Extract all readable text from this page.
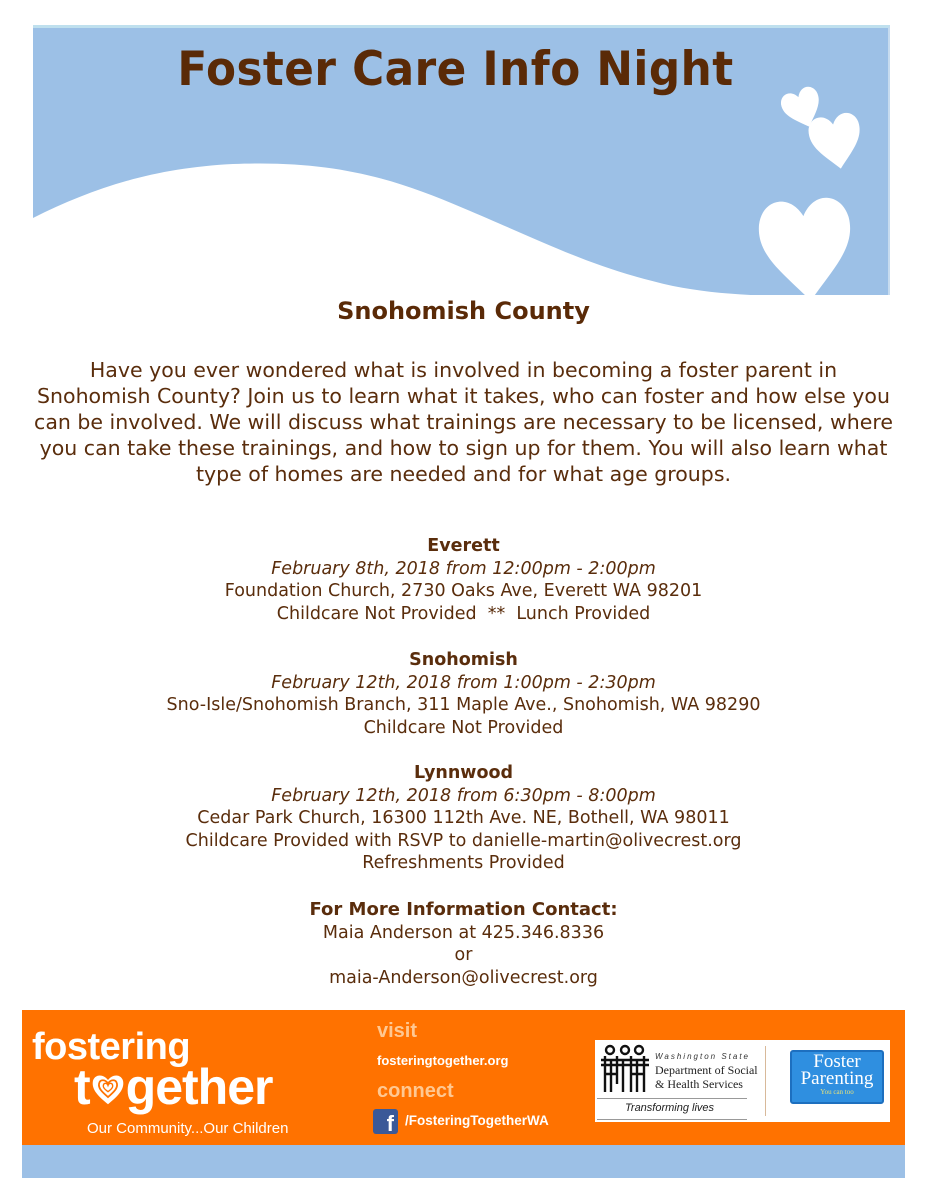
Foster Care Info Night
Snohomish County
Have you ever wondered what is involved in becoming a foster parent in Snohomish County? Join us to learn what it takes, who can foster and how else you can be involved. We will discuss what trainings are necessary to be licensed, where you can take these trainings, and how to sign up for them. You will also learn what type of homes are needed and for what age groups.
Everett
February 8th, 2018 from 12:00pm - 2:00pm
Foundation Church, 2730 Oaks Ave, Everett WA 98201
Childcare Not Provided  **  Lunch Provided
Snohomish
February 12th, 2018 from 1:00pm - 2:30pm
Sno-Isle/Snohomish Branch, 311 Maple Ave., Snohomish, WA 98290
Childcare Not Provided
Lynnwood
February 12th, 2018 from 6:30pm - 8:00pm
Cedar Park Church, 16300 112th Ave. NE, Bothell, WA 98011
Childcare Provided with RSVP to danielle-martin@olivecrest.org
Refreshments Provided
For More Information Contact:
Maia Anderson at 425.346.8336
or
maia-Anderson@olivecrest.org
fostering
t gether
Our Community...Our Children
visit
fosteringtogether.org
connect
f /FosteringTogetherWA
Washington State
Department of Social
& Health Services
Transforming lives
Foster
Parenting
You can too
